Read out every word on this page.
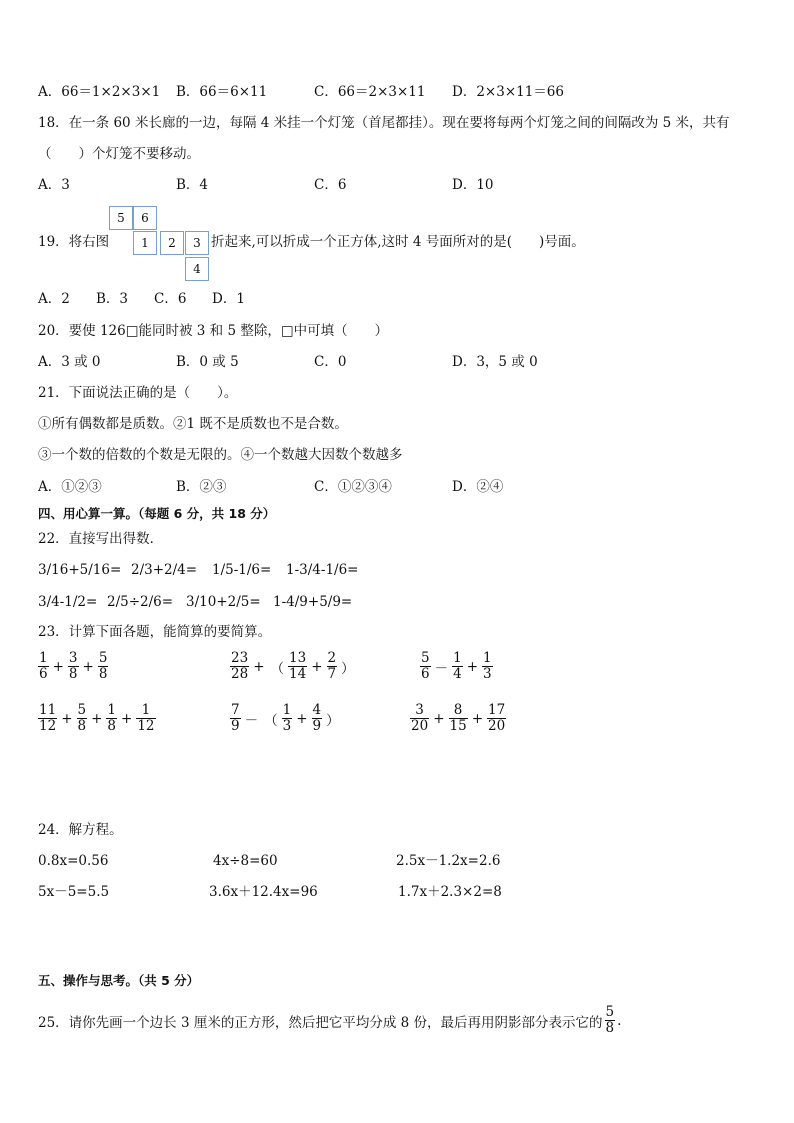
A．66＝1×2×3×1 B．66＝6×11	C．66＝2×3×11 D．2×3×11＝66
18．在一条 60 米长廊的一边，每隔 4 米挂一个灯笼（首尾都挂）。现在要将每两个灯笼之间的间隔改为 5 米，共有
（　　）个灯笼不要移动。
A．3	B．4	C．6	D．10
19．将右图
5	6
1	2	3
4
折起来,可以折成一个正方体,这时 4 号面所对的是(　　)号面。
A．2 B．3 C．6 D．1
20．要使 126□能同时被 3 和 5 整除，□中可填（　　）
A．3 或 0	B．0 或 5	C．0	D．3，5 或 0
21．下面说法正确的是（　　）。
①所有偶数都是质数。②1 既不是质数也不是合数。
③一个数的倍数的个数是无限的。④一个数越大因数个数越多
A．①②③	B．②③	C．①②③④	D．②④
四、用心算一算。（每题 6 分，共 18 分）
22．直接写出得数．
3/16+5/16= 2/3+2/4= 1/5-1/6= 1-3/4-1/6=
3/4-1/2= 2/5÷2/6= 3/10+2/5= 1-4/9+5/9=
23．计算下面各题，能简算的要简算。
$\frac{1}{6} + \frac{3}{8} + \frac{5}{8}$	$\frac{23}{28}$ + （ $\frac{13}{14} + \frac{2}{7}$ ）	$\frac{5}{6} - \frac{1}{4} + \frac{1}{3}$
$\frac{11}{12} + \frac{5}{8} + \frac{1}{8} + \frac{1}{12}$	$\frac{7}{9}$ － （ $\frac{1}{3} + \frac{4}{9}$ ）	$\frac{3}{20} + \frac{8}{15} + \frac{17}{20}$
24．解方程。
0.8x=0.56	4x÷8=60	2.5x－1.2x=2.6
5x－5=5.5	3.6x＋12.4x=96	1.7x＋2.3×2=8
五、操作与思考。（共 5 分）
25．请你先画一个边长 3 厘米的正方形，然后把它平均分成 8 份，最后再用阴影部分表示它的 $\frac{5}{8}$ .
